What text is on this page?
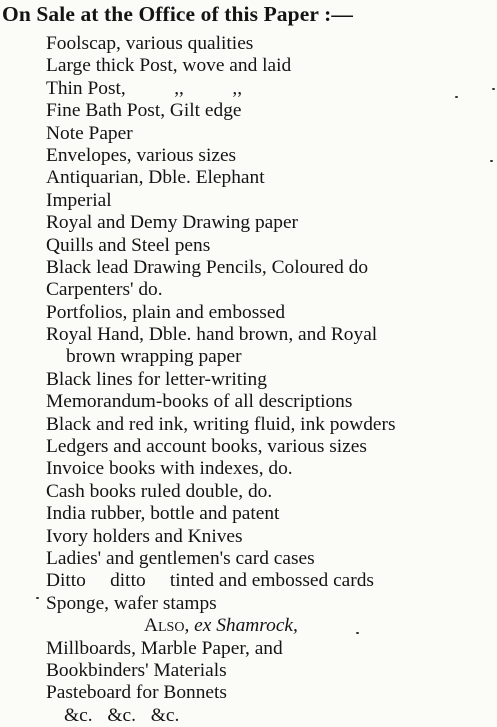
On Sale at the Office of this Paper :—
Foolscap, various qualities
Large thick Post, wove and laid
Thin Post,          ,,          ,,
Fine Bath Post, Gilt edge
Note Paper
Envelopes, various sizes
Antiquarian, Dble. Elephant
Imperial
Royal and Demy Drawing paper
Quills and Steel pens
Black lead Drawing Pencils, Coloured do
Carpenters' do.
Portfolios, plain and embossed
Royal Hand, Dble. hand brown, and Royal
brown wrapping paper
Black lines for letter-writing
Memorandum-books of all descriptions
Black and red ink, writing fluid, ink powders
Ledgers and account books, various sizes
Invoice books with indexes, do.
Cash books ruled double, do.
India rubber, bottle and patent
Ivory holders and Knives
Ladies' and gentlemen's card cases
Ditto     ditto     tinted and embossed cards
Sponge, wafer stamps
Also, ex Shamrock,
Millboards, Marble Paper, and
Bookbinders' Materials
Pasteboard for Bonnets
&c. &c. &c.
